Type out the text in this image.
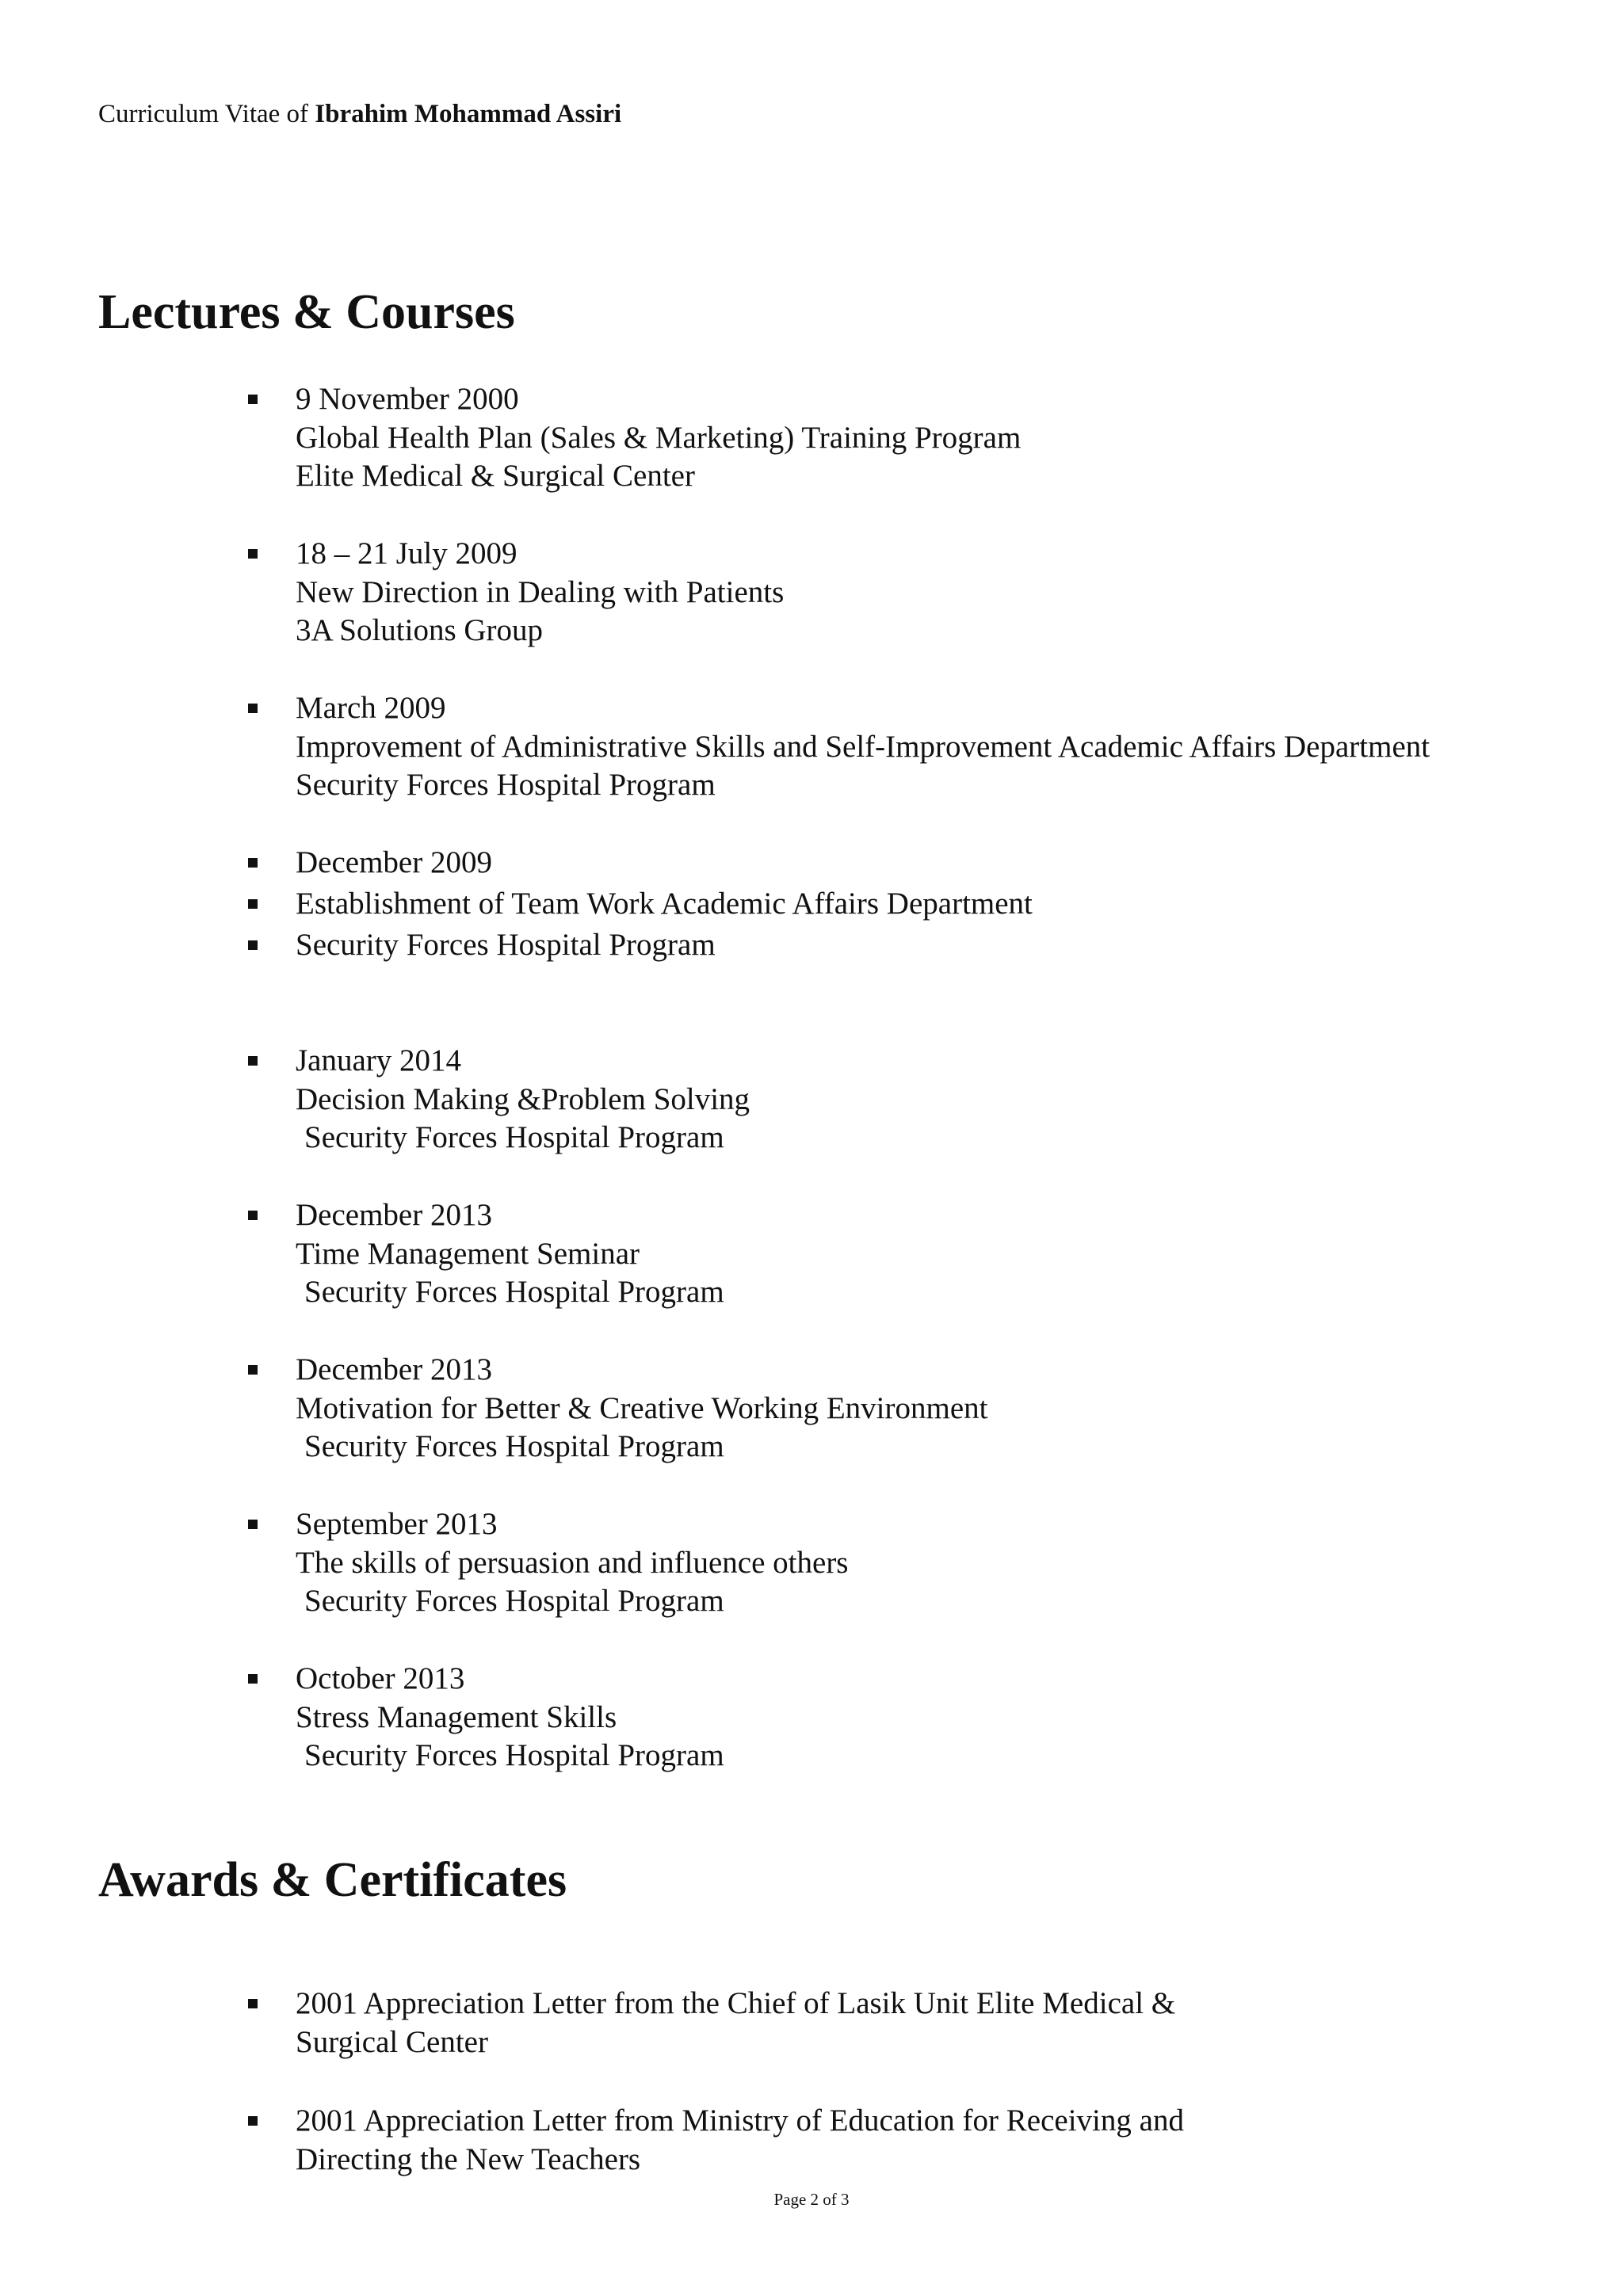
Curriculum Vitae of Ibrahim Mohammad Assiri
Lectures & Courses
9 November 2000
Global Health Plan (Sales & Marketing) Training Program
Elite Medical & Surgical Center
18 – 21 July 2009
New Direction in Dealing with Patients
3A Solutions Group
March 2009
Improvement of Administrative Skills and Self-Improvement Academic Affairs Department
Security Forces Hospital Program
December 2009
Establishment of Team Work Academic Affairs Department
Security Forces Hospital Program
January 2014
Decision Making &Problem Solving
Security Forces Hospital Program
December 2013
Time Management Seminar
Security Forces Hospital Program
December 2013
Motivation for Better & Creative Working Environment
Security Forces Hospital Program
September 2013
The skills of persuasion and influence others
Security Forces Hospital Program
October 2013
Stress Management Skills
Security Forces Hospital Program
Awards & Certificates
2001 Appreciation Letter from the Chief of Lasik Unit Elite Medical &
Surgical Center
2001 Appreciation Letter from Ministry of Education for Receiving and
Directing the New Teachers
Page 2 of 3
